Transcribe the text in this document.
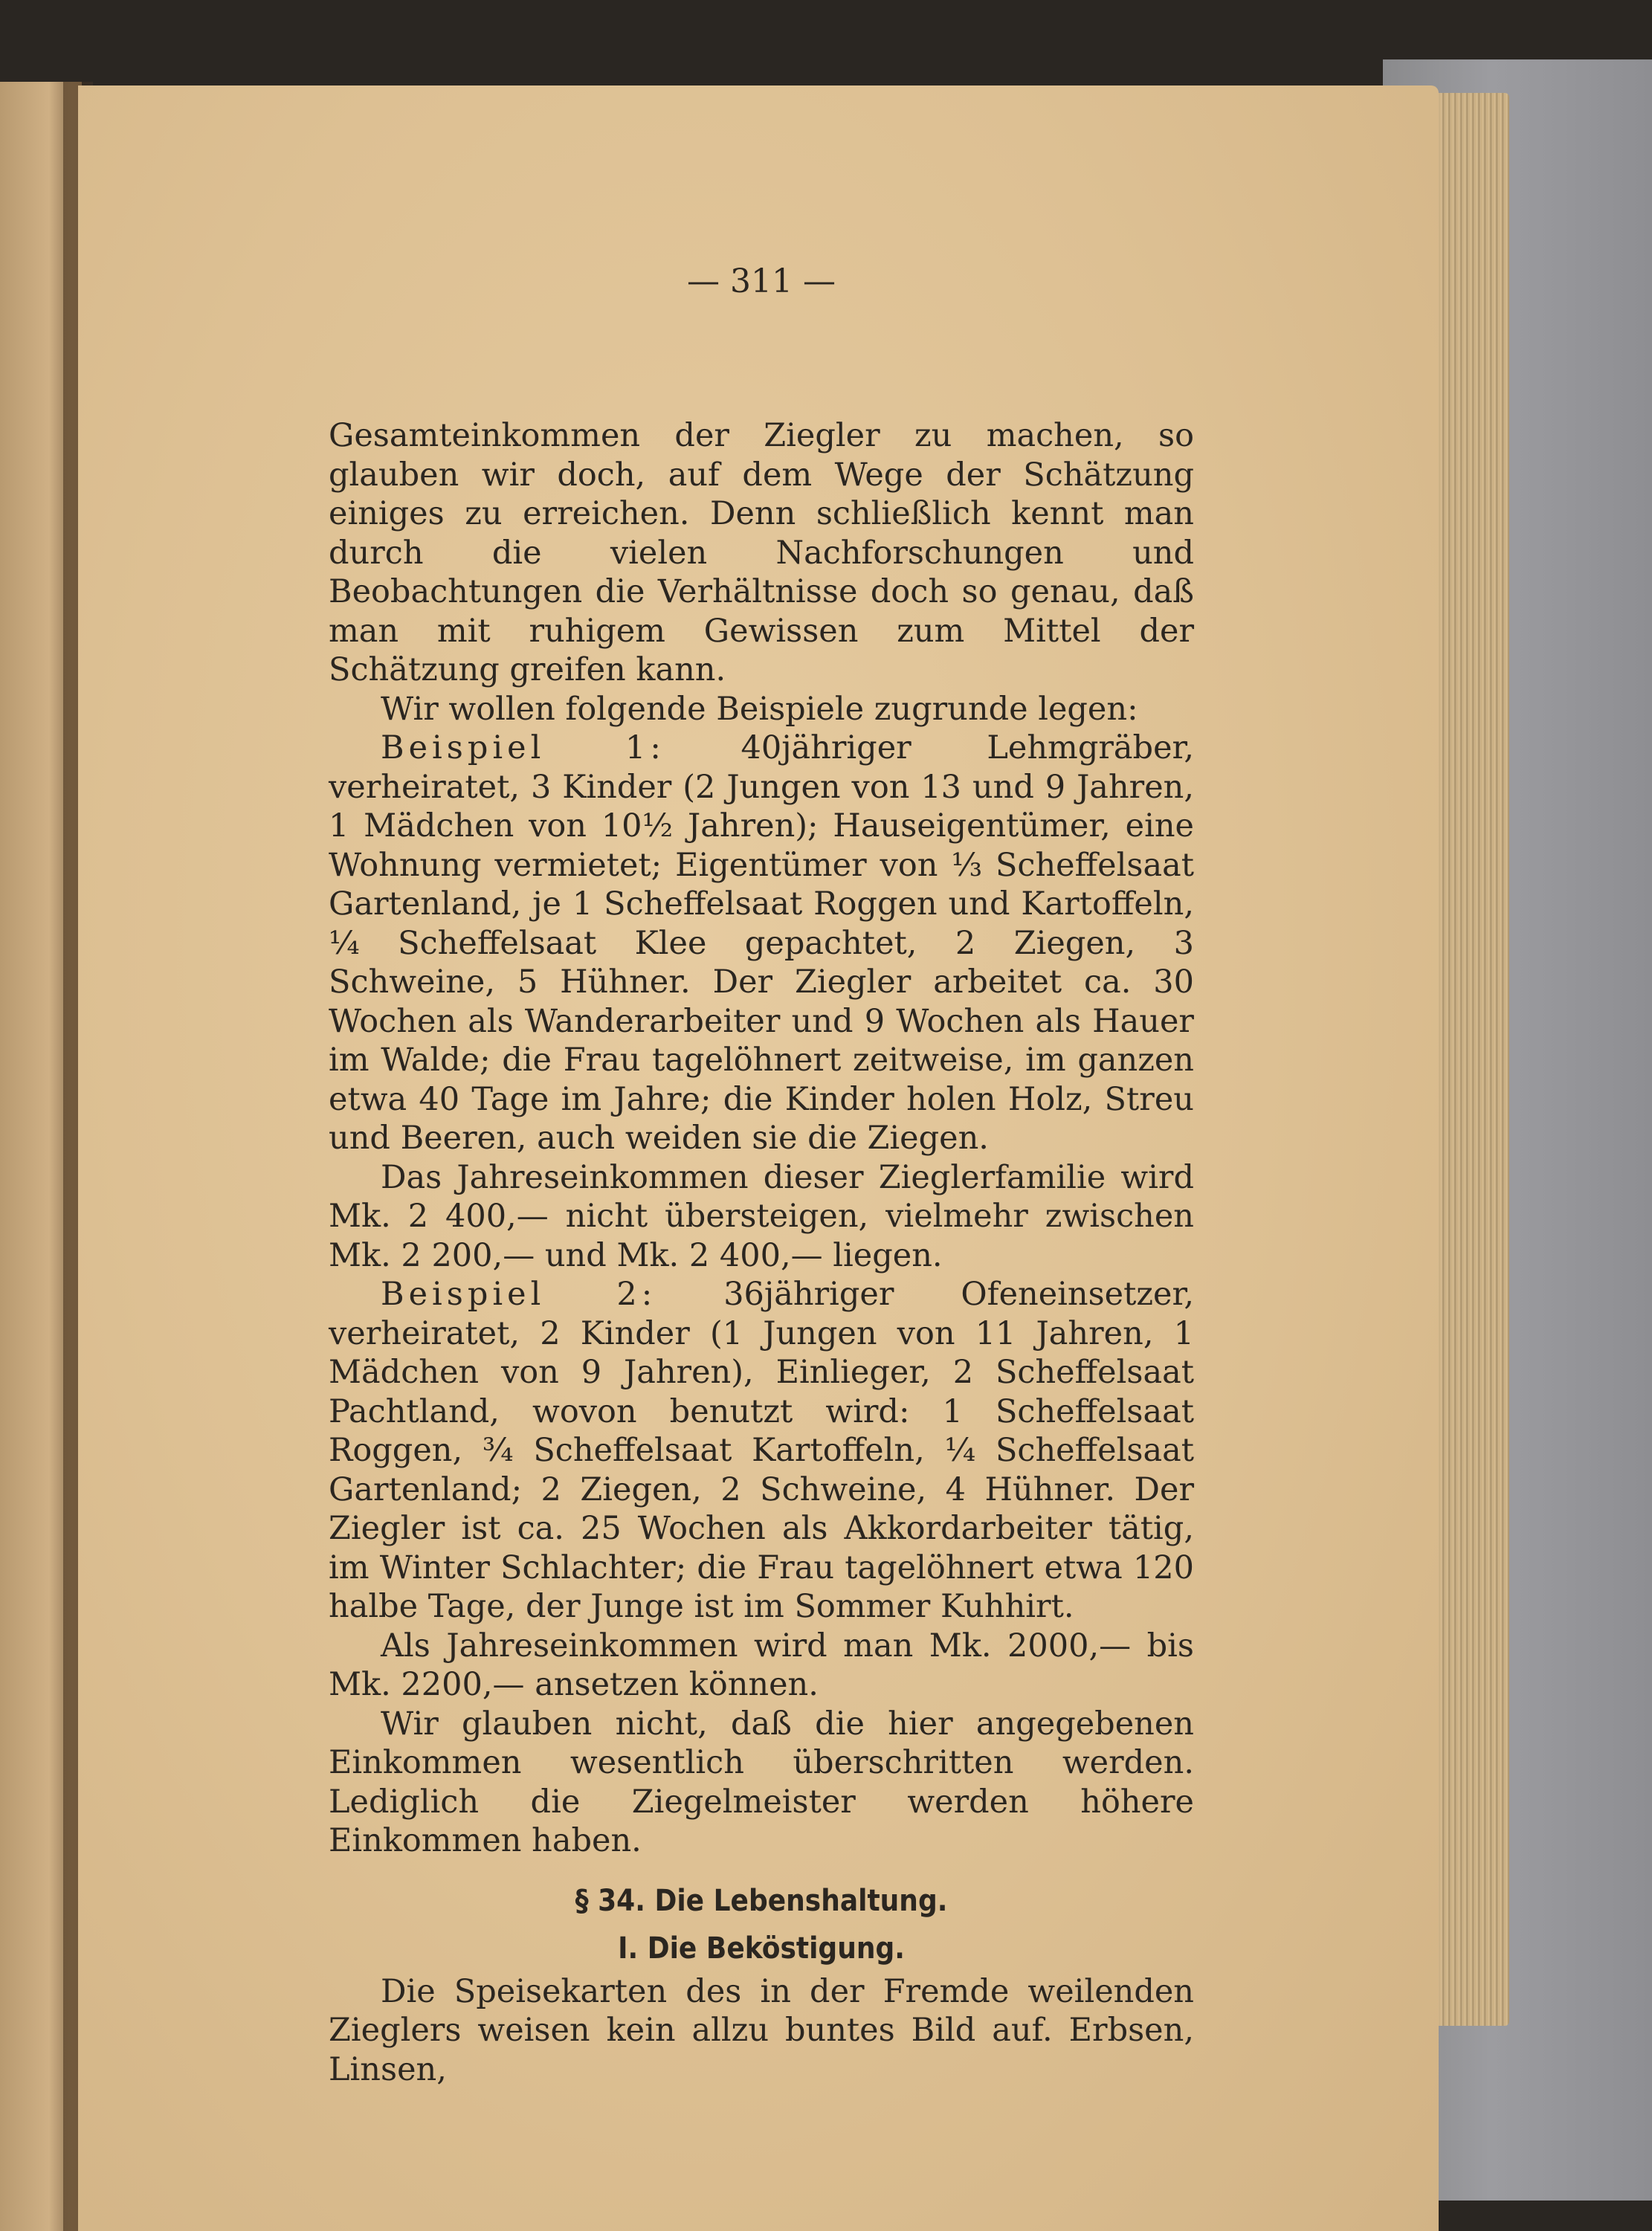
— 311 —

Gesamteinkommen der Ziegler zu machen, so glauben wir doch, auf dem Wege der Schätzung einiges zu erreichen. Denn schließlich kennt man durch die vielen Nachforschungen und Beobachtungen die Verhältnisse doch so genau, daß man mit ruhigem Gewissen zum Mittel der Schätzung greifen kann.

Wir wollen folgende Beispiele zugrunde legen:

Beispiel 1: 40jähriger Lehmgräber, verheiratet, 3 Kinder (2 Jungen von 13 und 9 Jahren, 1 Mädchen von 10½ Jahren); Hauseigentümer, eine Wohnung vermietet; Eigentümer von ⅓ Scheffelsaat Gartenland, je 1 Scheffelsaat Roggen und Kartoffeln, ¼ Scheffelsaat Klee gepachtet, 2 Ziegen, 3 Schweine, 5 Hühner. Der Ziegler arbeitet ca. 30 Wochen als Wanderarbeiter und 9 Wochen als Hauer im Walde; die Frau tagelöhnert zeitweise, im ganzen etwa 40 Tage im Jahre; die Kinder holen Holz, Streu und Beeren, auch weiden sie die Ziegen.

Das Jahreseinkommen dieser Zieglerfamilie wird Mk. 2 400,— nicht übersteigen, vielmehr zwischen Mk. 2 200,— und Mk. 2 400,— liegen.

Beispiel 2: 36jähriger Ofeneinsetzer, verheiratet, 2 Kinder (1 Jungen von 11 Jahren, 1 Mädchen von 9 Jahren), Einlieger, 2 Scheffelsaat Pachtland, wovon benutzt wird: 1 Scheffelsaat Roggen, ¾ Scheffelsaat Kartoffeln, ¼ Scheffelsaat Gartenland; 2 Ziegen, 2 Schweine, 4 Hühner. Der Ziegler ist ca. 25 Wochen als Akkordarbeiter tätig, im Winter Schlachter; die Frau tagelöhnert etwa 120 halbe Tage, der Junge ist im Sommer Kuhhirt.

Als Jahreseinkommen wird man Mk. 2000,— bis Mk. 2200,— ansetzen können.

Wir glauben nicht, daß die hier angegebenen Einkommen wesentlich überschritten werden. Lediglich die Ziegelmeister werden höhere Einkommen haben.

§ 34. Die Lebenshaltung.

I. Die Beköstigung.

Die Speisekarten des in der Fremde weilenden Zieglers weisen kein allzu buntes Bild auf. Erbsen, Linsen,
